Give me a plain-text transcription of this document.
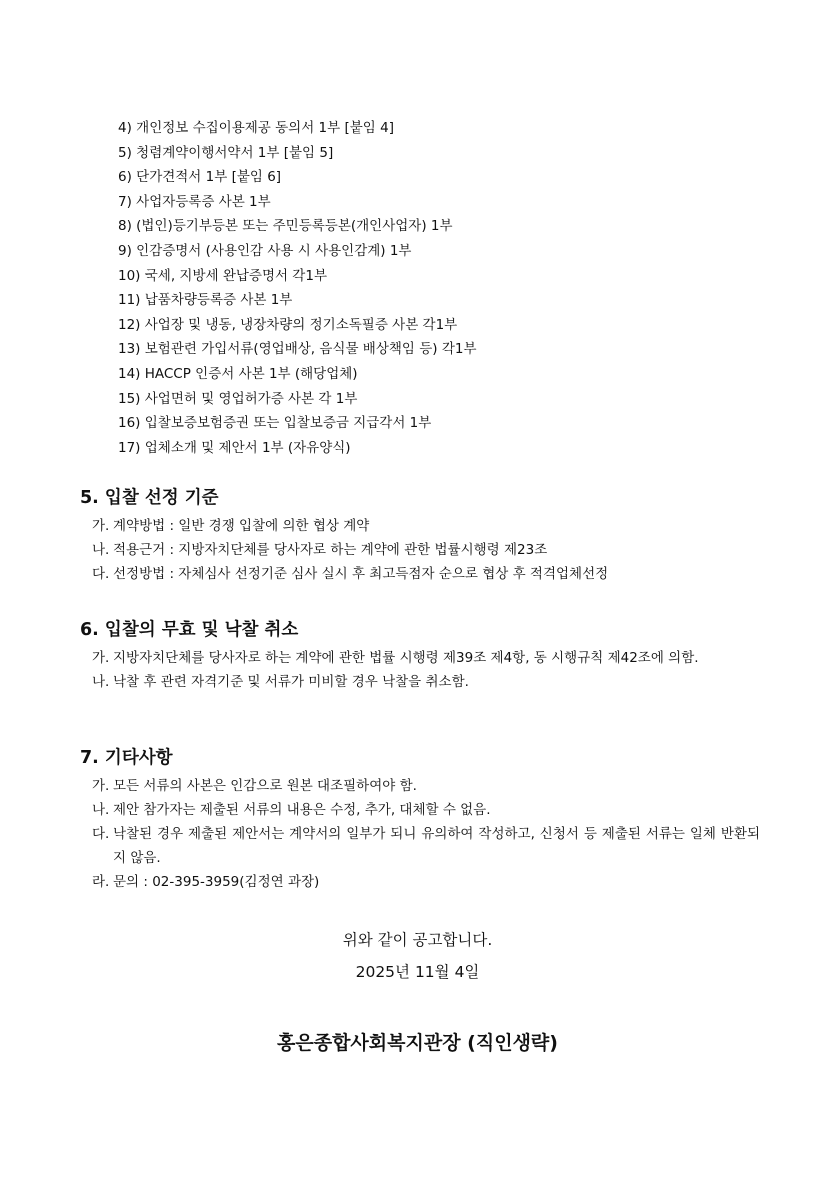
4) 개인정보 수집이용제공 동의서 1부 [붙임 4]
5) 청렴계약이행서약서 1부 [붙임 5]
6) 단가견적서 1부 [붙임 6]
7) 사업자등록증 사본 1부
8) (법인)등기부등본 또는 주민등록등본(개인사업자) 1부
9) 인감증명서 (사용인감 사용 시 사용인감계) 1부
10) 국세, 지방세 완납증명서 각1부
11) 납품차량등록증 사본 1부
12) 사업장 및 냉동, 냉장차량의 정기소독필증 사본 각1부
13) 보험관련 가입서류(영업배상, 음식물 배상책임 등) 각1부
14) HACCP 인증서 사본 1부 (해당업체)
15) 사업면허 및 영업허가증 사본 각 1부
16) 입찰보증보험증권 또는 입찰보증금 지급각서 1부
17) 업체소개 및 제안서 1부 (자유양식)
5. 입찰 선정 기준

가. 계약방법 : 일반 경쟁 입찰에 의한 협상 계약

나. 적용근거 : 지방자치단체를 당사자로 하는 계약에 관한 법률시행령 제23조

다. 선정방법 : 자체심사 선정기준 심사 실시 후 최고득점자 순으로 협상 후 적격업체선정

6. 입찰의 무효 및 낙찰 취소

가. 지방자치단체를 당사자로 하는 계약에 관한 법률 시행령 제39조 제4항, 동 시행규칙 제42조에 의함.

나. 낙찰 후 관련 자격기준 및 서류가 미비할 경우 낙찰을 취소함.

7. 기타사항

가. 모든 서류의 사본은 인감으로 원본 대조필하여야 함.

나. 제안 참가자는 제출된 서류의 내용은 수정, 추가, 대체할 수 없음.

다. 낙찰된 경우 제출된 제안서는 계약서의 일부가 되니 유의하여 작성하고, 신청서 등 제출된 서류는 일체 반환되지 않음.

라. 문의 : 02-395-3959(김정연 과장)

위와 같이 공고합니다.
2025년 11월 4일
홍은종합사회복지관장 (직인생략)
